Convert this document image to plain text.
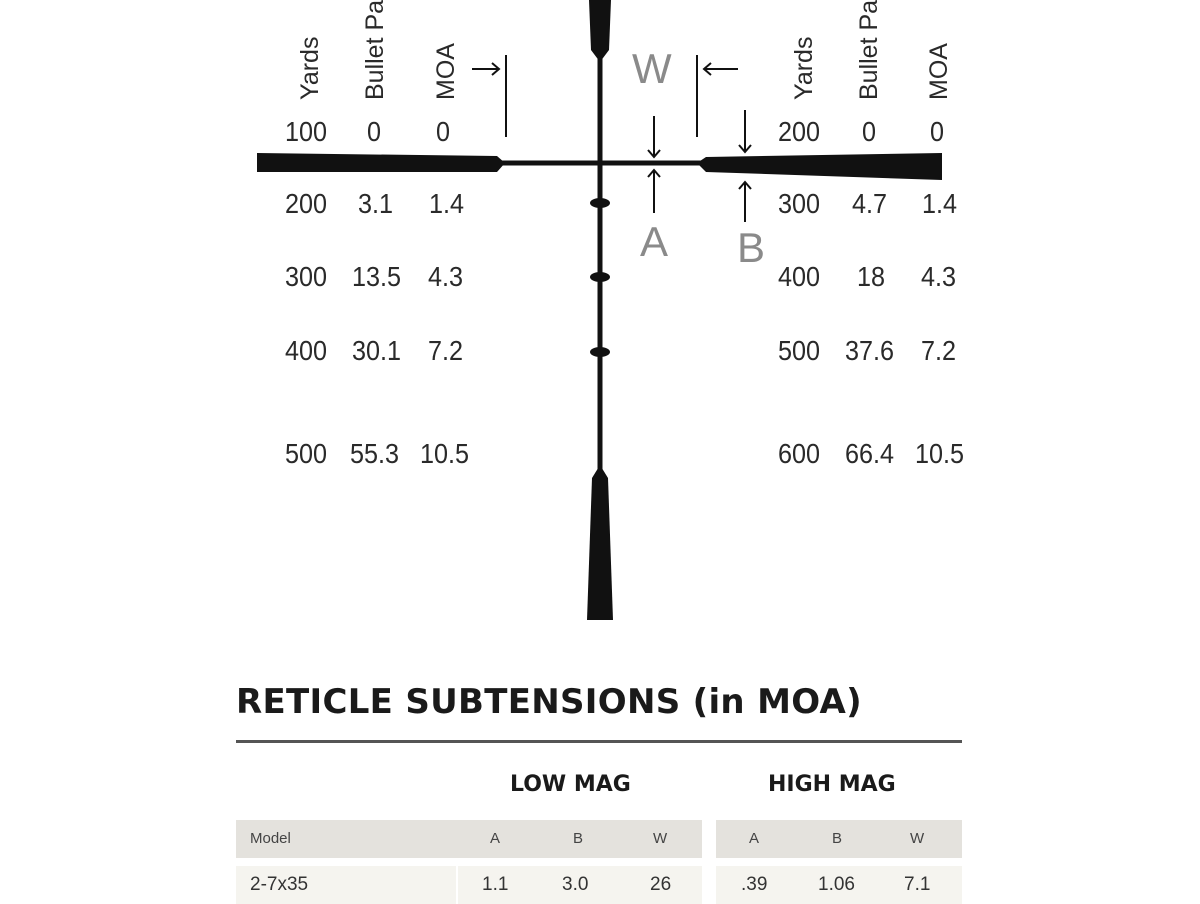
W
A B
Yards Bullet Pa MOA	Yards Bullet Pa MOA
100 0 0
200 3.1 1.4
300 13.5 4.3
400 30.1 7.2
500 55.3 10.5
200 0 0
300 4.7 1.4
400 18 4.3
500 37.6 7.2
600 66.4 10.5
RETICLE SUBTENSIONS (in MOA)
LOW MAG	HIGH MAG
Model	A	B	W	A	B	W
2-7x35	1.1	3.0	26	.39	1.06	7.1
